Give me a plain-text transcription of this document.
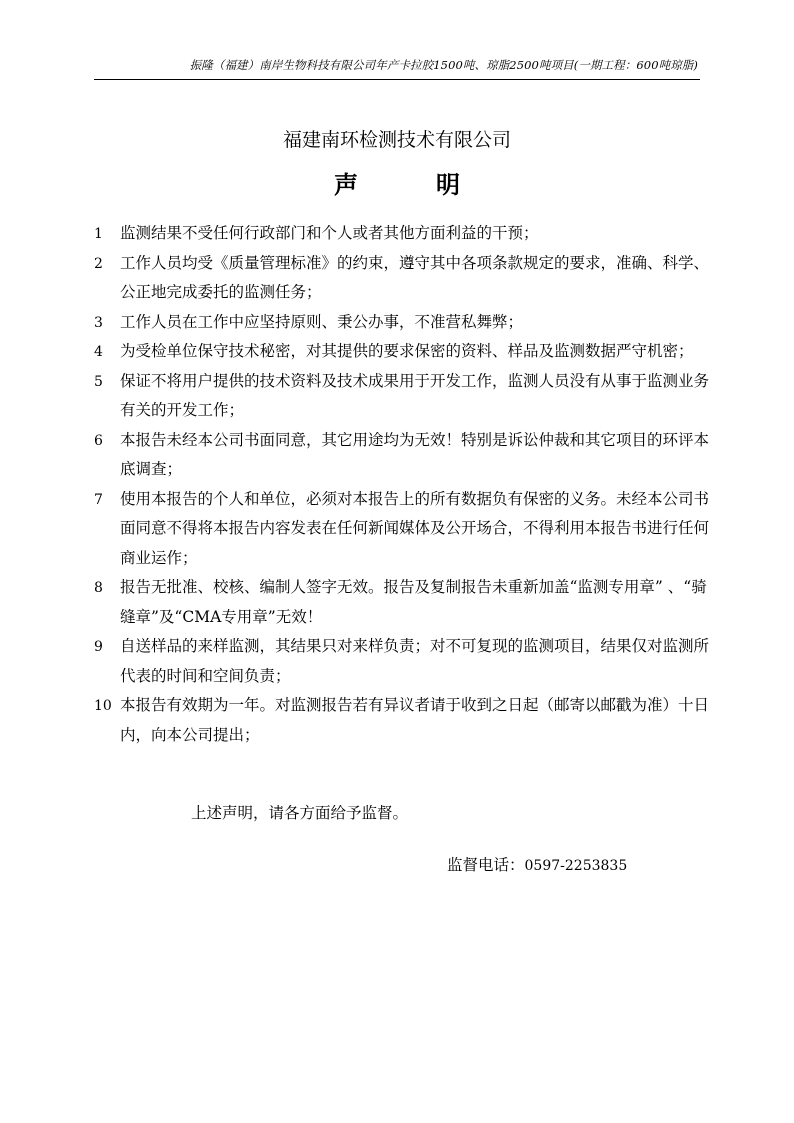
振隆（福建）南岸生物科技有限公司年产卡拉胶1500吨、琼脂2500吨项目(一期工程：600吨琼脂)
福建南环检测技术有限公司
声明
1 监测结果不受任何行政部门和个人或者其他方面利益的干预；
2 工作人员均受《质量管理标准》的约束，遵守其中各项条款规定的要求，准确、科学、公正地完成委托的监测任务；
3 工作人员在工作中应坚持原则、秉公办事，不准营私舞弊；
4 为受检单位保守技术秘密，对其提供的要求保密的资料、样品及监测数据严守机密；
5 保证不将用户提供的技术资料及技术成果用于开发工作，监测人员没有从事于监测业务有关的开发工作；
6 本报告未经本公司书面同意，其它用途均为无效！特别是诉讼仲裁和其它项目的环评本底调查；
7 使用本报告的个人和单位，必须对本报告上的所有数据负有保密的义务。未经本公司书面同意不得将本报告内容发表在任何新闻媒体及公开场合，不得利用本报告书进行任何商业运作；
8 报告无批准、校核、编制人签字无效。报告及复制报告未重新加盖“监测专用章” 、“骑缝章”及“CMA专用章”无效！
9 自送样品的来样监测，其结果只对来样负责；对不可复现的监测项目，结果仅对监测所代表的时间和空间负责；
10 本报告有效期为一年。对监测报告若有异议者请于收到之日起（邮寄以邮戳为准）十日内，向本公司提出；
上述声明，请各方面给予监督。
监督电话：0597-2253835
